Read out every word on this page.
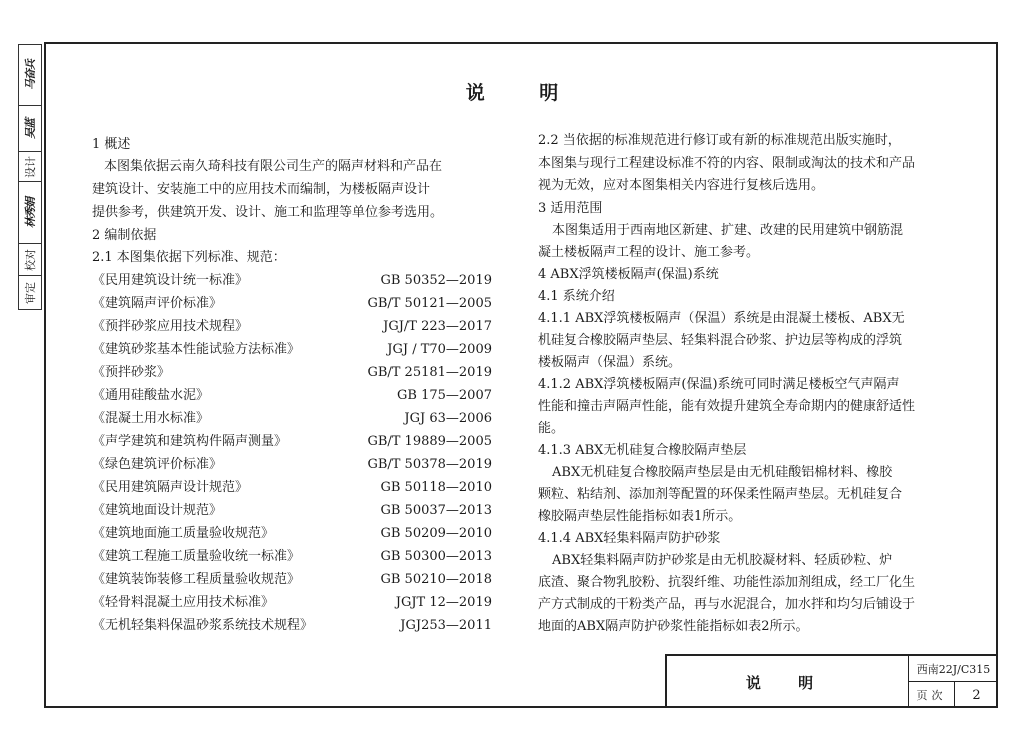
马奋兵
吴蓝
设计
林秀娟
校对
审定
说 明
1 概述
本图集依据云南久琦科技有限公司生产的隔声材料和产品在
建筑设计、安装施工中的应用技术而编制，为楼板隔声设计
提供参考，供建筑开发、设计、施工和监理等单位参考选用。
2 编制依据
2.1 本图集依据下列标准、规范：
《民用建筑设计统一标准》	GB 50352—2019
《建筑隔声评价标准》	GB/T 50121—2005
《预拌砂浆应用技术规程》	JGJ/T 223—2017
《建筑砂浆基本性能试验方法标准》	JGJ / T70—2009
《预拌砂浆》	GB/T 25181—2019
《通用硅酸盐水泥》	GB 175—2007
《混凝土用水标准》	JGJ 63—2006
《声学建筑和建筑构件隔声测量》	GB/T 19889—2005
《绿色建筑评价标准》	GB/T 50378—2019
《民用建筑隔声设计规范》	GB 50118—2010
《建筑地面设计规范》	GB 50037—2013
《建筑地面施工质量验收规范》	GB 50209—2010
《建筑工程施工质量验收统一标准》	GB 50300—2013
《建筑装饰装修工程质量验收规范》	GB 50210—2018
《轻骨料混凝土应用技术标准》	JGJT 12—2019
《无机轻集料保温砂浆系统技术规程》	JGJ253—2011
2.2 当依据的标准规范进行修订或有新的标准规范出版实施时，
本图集与现行工程建设标准不符的内容、限制或淘汰的技术和产品
视为无效，应对本图集相关内容进行复核后选用。
3 适用范围
本图集适用于西南地区新建、扩建、改建的民用建筑中钢筋混
凝土楼板隔声工程的设计、施工参考。
4 ABX浮筑楼板隔声(保温)系统
4.1 系统介绍
4.1.1 ABX浮筑楼板隔声（保温）系统是由混凝土楼板、ABX无
机硅复合橡胶隔声垫层、轻集料混合砂浆、护边层等构成的浮筑
楼板隔声（保温）系统。
4.1.2 ABX浮筑楼板隔声(保温)系统可同时满足楼板空气声隔声
性能和撞击声隔声性能，能有效提升建筑全寿命期内的健康舒适性
能。
4.1.3 ABX无机硅复合橡胶隔声垫层
ABX无机硅复合橡胶隔声垫层是由无机硅酸铝棉材料、橡胶
颗粒、粘结剂、添加剂等配置的环保柔性隔声垫层。无机硅复合
橡胶隔声垫层性能指标如表1所示。
4.1.4 ABX轻集料隔声防护砂浆
ABX轻集料隔声防护砂浆是由无机胶凝材料、轻质砂粒、炉
底渣、聚合物乳胶粉、抗裂纤维、功能性添加剂组成，经工厂化生
产方式制成的干粉类产品，再与水泥混合，加水拌和均匀后铺设于
地面的ABX隔声防护砂浆性能指标如表2所示。
说 明
西南22J/C315
页次	2
